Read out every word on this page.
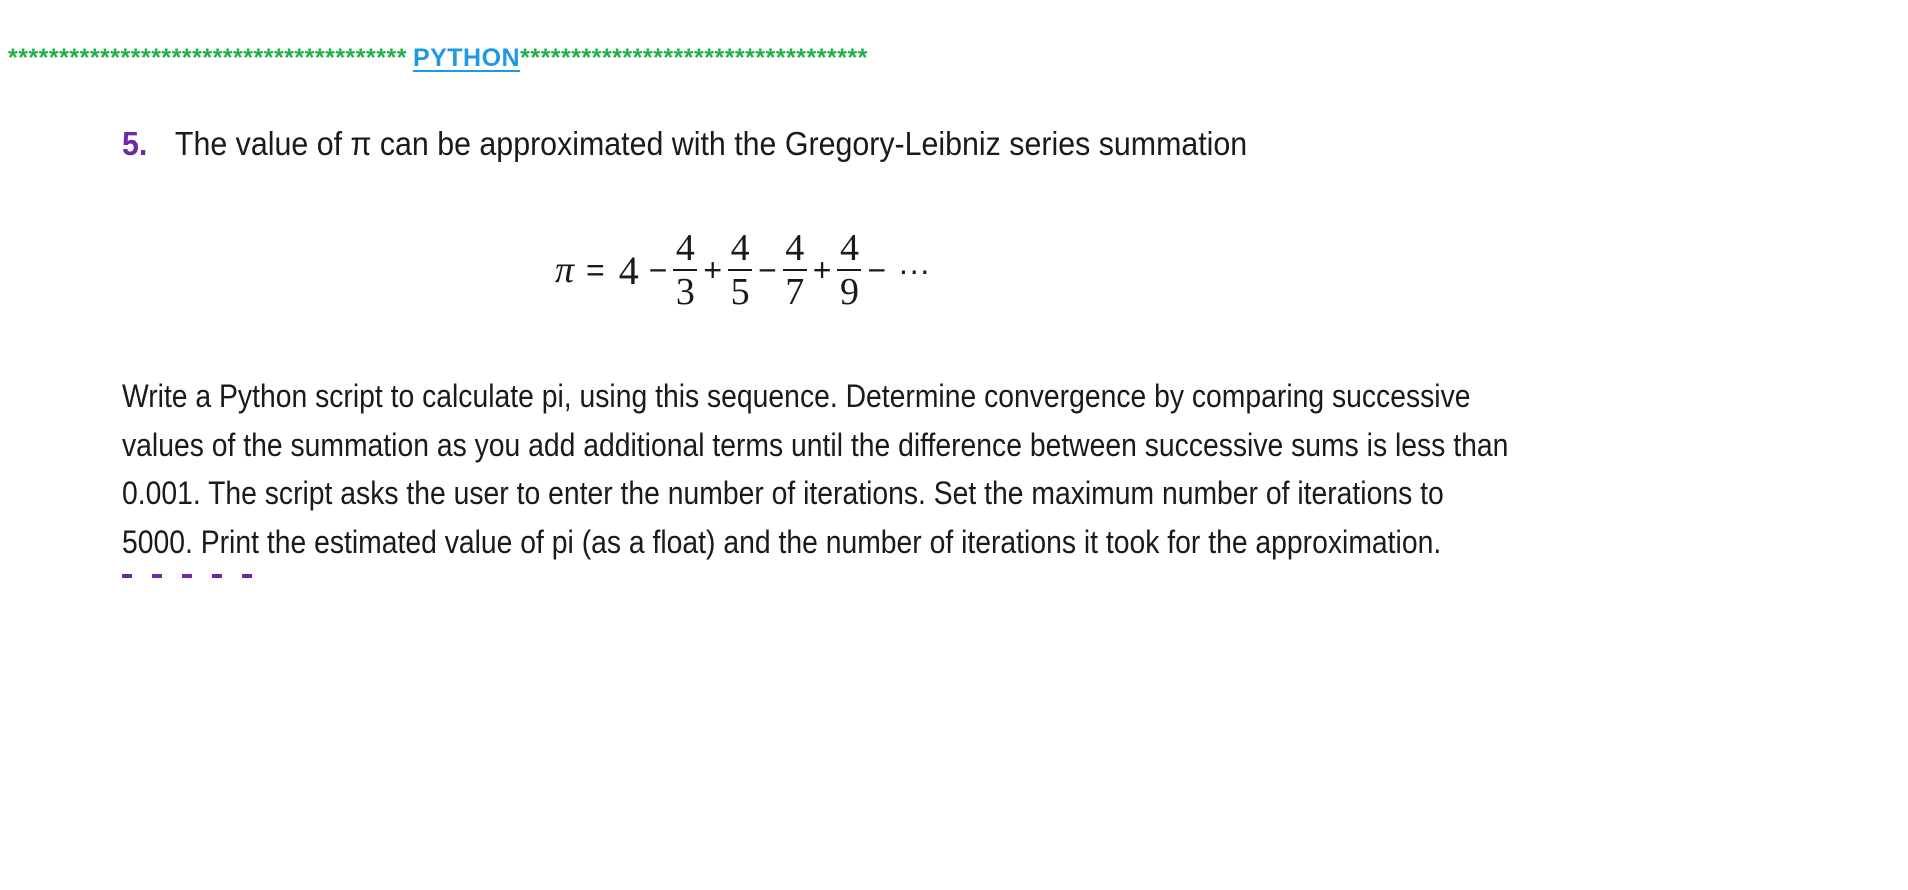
*************************************** PYTHON**********************************
5. The value of π can be approximated with the Gregory-Leibniz series summation
$\pi = 4 - \frac{4}{3} + \frac{4}{5} - \frac{4}{7} + \frac{4}{9}$ − ···

Write a Python script to calculate pi, using this sequence. Determine convergence by comparing successive

values of the summation as you add additional terms until the difference between successive sums is less than

0.001. The script asks the user to enter the number of iterations. Set the maximum number of iterations to

5000. Print the estimated value of pi (as a float) and the number of iterations it took for the approximation.
